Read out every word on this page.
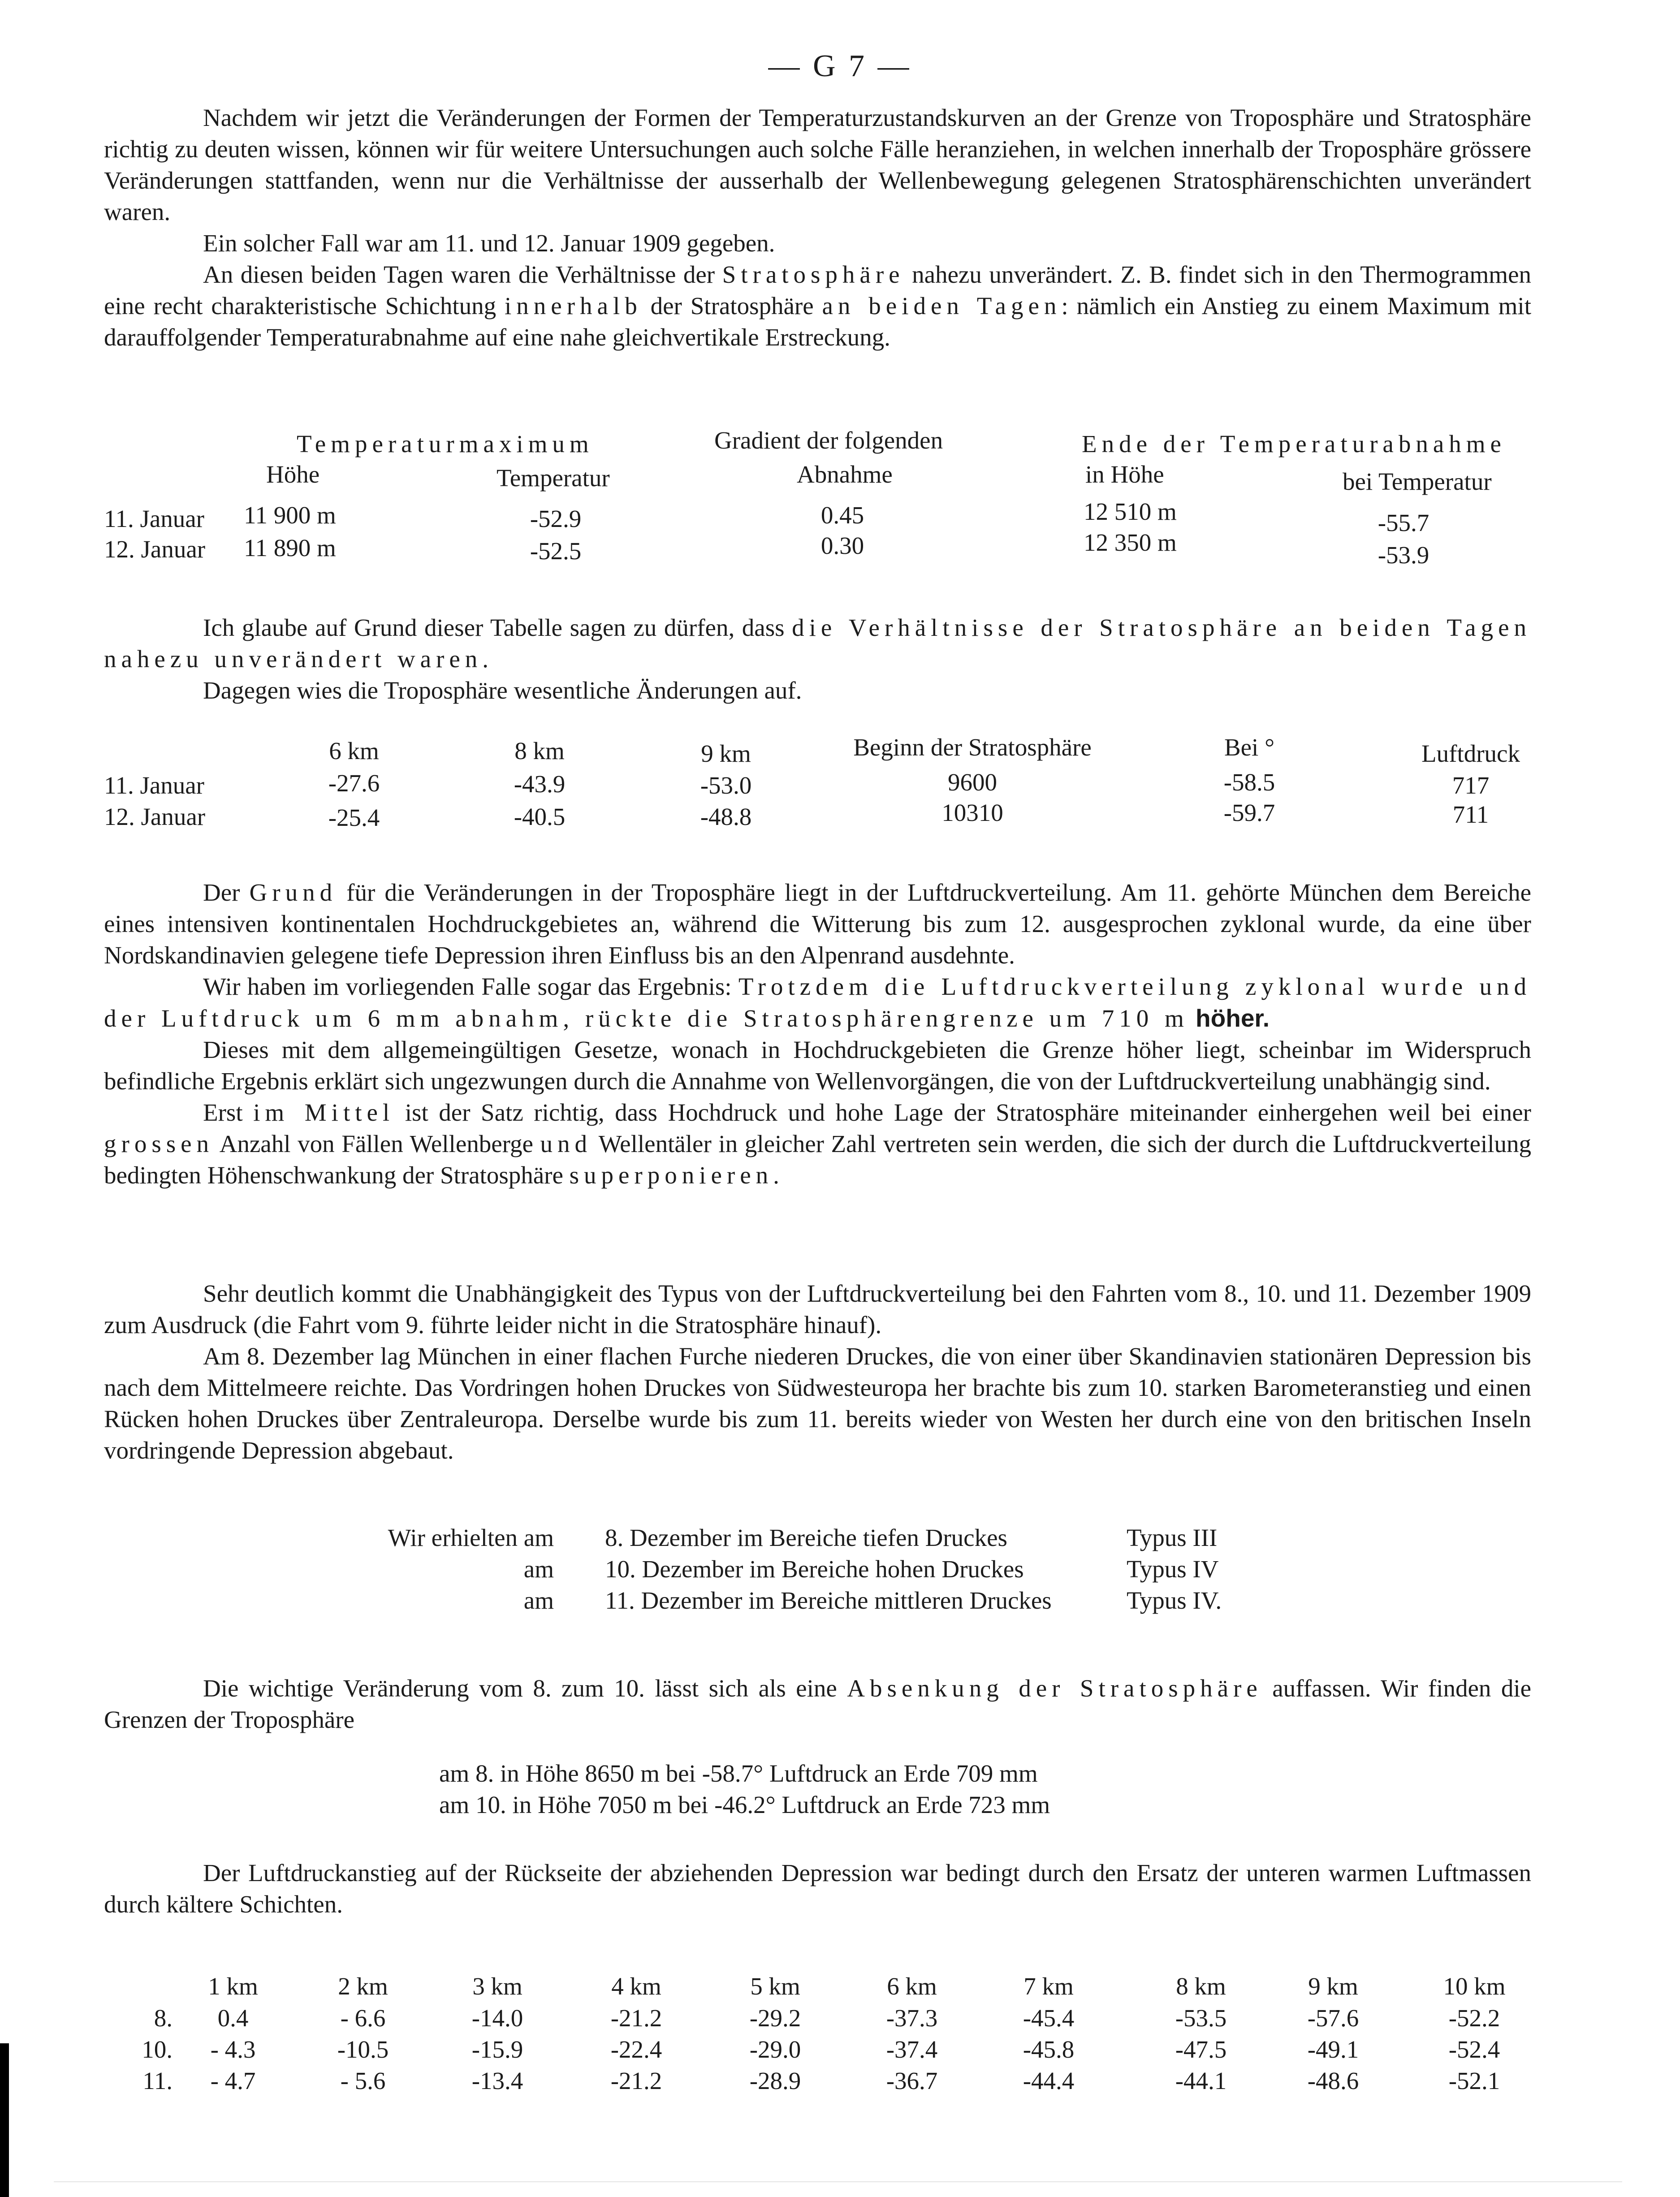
— G 7 —

Nachdem wir jetzt die Veränderungen der Formen der Temperaturzustandskurven an der Grenze von Troposphäre und Stratosphäre richtig zu deuten wissen, können wir für weitere Untersuchungen auch solche Fälle heranziehen, in welchen innerhalb der Troposphäre grössere Veränderungen stattfanden, wenn nur die Verhältnisse der ausserhalb der Wellenbewegung gelegenen Stratosphärenschichten unverändert waren.

Ein solcher Fall war am 11. und 12. Januar 1909 gegeben.

An diesen beiden Tagen waren die Verhältnisse der Stratosphäre nahezu unverändert. Z. B. findet sich in den Thermogrammen eine recht charakteristische Schichtung innerhalb der Stratosphäre an beiden Tagen: nämlich ein Anstieg zu einem Maximum mit darauffolgender Temperaturabnahme auf eine nahe gleichvertikale Erstreckung.

Temperaturmaximum	Gradient der folgenden	Ende der Temperaturabnahme
Höhe	Temperatur	Abnahme	in Höhe	bei Temperatur
11. Januar 11 900 m	-52.9	0.45	12 510 m	-55.7
12. Januar 11 890 m	-52.5	0.30	12 350 m	-53.9

Ich glaube auf Grund dieser Tabelle sagen zu dürfen, dass die Verhältnisse der Stratosphäre an beiden Tagen nahezu unverändert waren.

Dagegen wies die Troposphäre wesentliche Änderungen auf.

6 km	8 km	9 km	Beginn der Stratosphäre	Bei °	Luftdruck
11. Januar	-27.6	-43.9	-53.0	9600	-58.5	717
12. Januar	-25.4	-40.5	-48.8	10310	-59.7	711

Der Grund für die Veränderungen in der Troposphäre liegt in der Luftdruckverteilung. Am 11. gehörte München dem Bereiche eines intensiven kontinentalen Hochdruckgebietes an, während die Witterung bis zum 12. ausgesprochen zyklonal wurde, da eine über Nordskandinavien gelegene tiefe Depression ihren Einfluss bis an den Alpenrand ausdehnte.

Wir haben im vorliegenden Falle sogar das Ergebnis: Trotzdem die Luftdruckverteilung zyklonal wurde und der Luftdruck um 6 mm abnahm, rückte die Stratosphärengrenze um 710 m höher.

Dieses mit dem allgemeingültigen Gesetze, wonach in Hochdruckgebieten die Grenze höher liegt, scheinbar im Widerspruch befindliche Ergebnis erklärt sich ungezwungen durch die Annahme von Wellenvorgängen, die von der Luftdruckverteilung unabhängig sind.

Erst im Mittel ist der Satz richtig, dass Hochdruck und hohe Lage der Stratosphäre miteinander einhergehen weil bei einer grossen Anzahl von Fällen Wellenberge und Wellentäler in gleicher Zahl vertreten sein werden, die sich der durch die Luftdruckverteilung bedingten Höhenschwankung der Stratosphäre superponieren.

Sehr deutlich kommt die Unabhängigkeit des Typus von der Luftdruckverteilung bei den Fahrten vom 8., 10. und 11. Dezember 1909 zum Ausdruck (die Fahrt vom 9. führte leider nicht in die Stratosphäre hinauf).

Am 8. Dezember lag München in einer flachen Furche niederen Druckes, die von einer über Skandinavien stationären Depression bis nach dem Mittelmeere reichte. Das Vordringen hohen Druckes von Südwesteuropa her brachte bis zum 10. starken Barometeranstieg und einen Rücken hohen Druckes über Zentraleuropa. Derselbe wurde bis zum 11. bereits wieder von Westen her durch eine von den britischen Inseln vordringende Depression abgebaut.

Wir erhielten am 8. Dezember im Bereiche tiefen Druckes	Typus III
am 10. Dezember im Bereiche hohen Druckes	Typus IV
am 11. Dezember im Bereiche mittleren Druckes	Typus IV.

Die wichtige Veränderung vom 8. zum 10. lässt sich als eine Absenkung der Stratosphäre auffassen. Wir finden die Grenzen der Troposphäre

am 8. in Höhe 8650 m bei -58.7° Luftdruck an Erde 709 mm
am 10. in Höhe 7050 m bei -46.2° Luftdruck an Erde 723 mm

Der Luftdruckanstieg auf der Rückseite der abziehenden Depression war bedingt durch den Ersatz der unteren warmen Luftmassen durch kältere Schichten.

1 km	2 km	3 km	4 km	5 km	6 km	7 km	8 km	9 km	10 km
8. 0.4	- 6.6	-14.0	-21.2	-29.2	-37.3	-45.4	-53.5	-57.6	-52.2
10. - 4.3	-10.5	-15.9	-22.4	-29.0	-37.4	-45.8	-47.5	-49.1	-52.4
11. - 4.7	- 5.6	-13.4	-21.2	-28.9	-36.7	-44.4	-44.1	-48.6	-52.1
